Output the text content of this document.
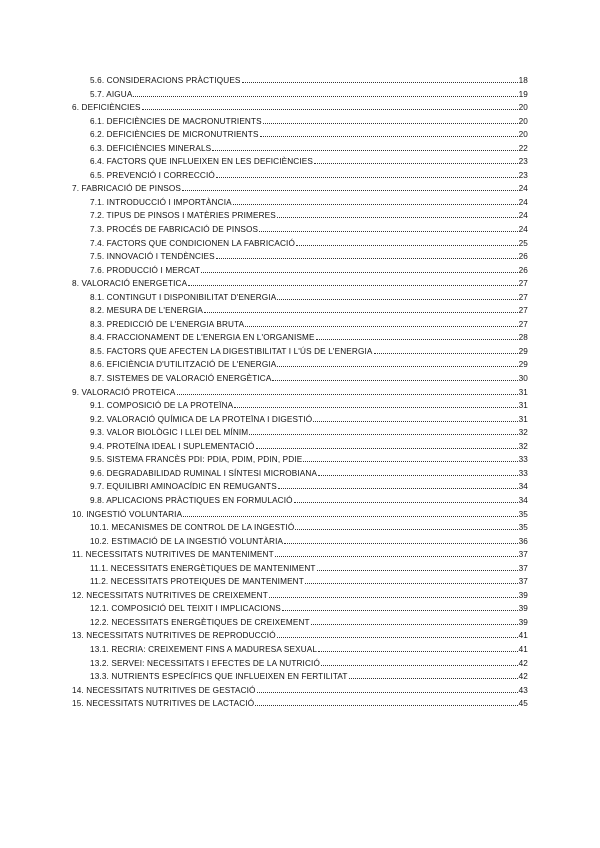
5.6. CONSIDERACIONS PRÀCTIQUES	18
5.7. AIGUA	19
6. DEFICIÈNCIES	20
6.1. DEFICIÈNCIES DE MACRONUTRIENTS	20
6.2. DEFICIÈNCIES DE MICRONUTRIENTS	20
6.3. DEFICIÈNCIES MINERALS	22
6.4. FACTORS QUE INFLUEIXEN EN LES DEFICIÈNCIES	23
6.5. PREVENCIÓ I CORRECCIÓ	23
7. FABRICACIÓ DE PINSOS	24
7.1. INTRODUCCIÓ I IMPORTÀNCIA	24
7.2. TIPUS DE PINSOS I MATÈRIES PRIMERES	24
7.3. PROCÉS DE FABRICACIÓ DE PINSOS	24
7.4. FACTORS QUE CONDICIONEN LA FABRICACIÓ	25
7.5. INNOVACIÓ I TENDÈNCIES	26
7.6. PRODUCCIÓ I MERCAT	26
8. VALORACIÓ ENERGETICA	27
8.1. CONTINGUT I DISPONIBILITAT D'ENERGIA	27
8.2. MESURA DE L'ENERGIA	27
8.3. PREDICCIÓ DE L'ENERGIA BRUTA	27
8.4. FRACCIONAMENT DE L'ENERGIA EN L'ORGANISME	28
8.5. FACTORS QUE AFECTEN LA DIGESTIBILITAT I L'ÚS DE L'ENERGIA	29
8.6. EFICIÈNCIA D'UTILITZACIÓ DE L'ENERGIA	29
8.7. SISTEMES DE VALORACIÓ ENERGÈTICA	30
9. VALORACIÓ PROTEICA	31
9.1. COMPOSICIÓ DE LA PROTEÏNA	31
9.2. VALORACIÓ QUÍMICA DE LA PROTEÏNA I DIGESTIÓ	31
9.3. VALOR BIOLÒGIC I LLEI DEL MÍNIM	32
9.4. PROTEÏNA IDEAL I SUPLEMENTACIÓ	32
9.5. SISTEMA FRANCÈS PDI: PDIA, PDIM, PDIN, PDIE	33
9.6. DEGRADABILIDAD RUMINAL I SÍNTESI MICROBIANA	33
9.7. EQUILIBRI AMINOACÍDIC EN REMUGANTS	34
9.8. APLICACIONS PRÀCTIQUES EN FORMULACIÓ	34
10. INGESTIÓ VOLUNTARIA	35
10.1. MECANISMES DE CONTROL DE LA INGESTIÓ	35
10.2. ESTIMACIÓ DE LA INGESTIÓ VOLUNTÀRIA	36
11. NECESSITATS NUTRITIVES DE MANTENIMENT	37
11.1. NECESSITATS ENERGÈTIQUES DE MANTENIMENT	37
11.2. NECESSITATS PROTEIQUES DE MANTENIMENT	37
12. NECESSITATS NUTRITIVES DE CREIXEMENT	39
12.1. COMPOSICIÓ DEL TEIXIT I IMPLICACIONS	39
12.2. NECESSITATS ENERGÈTIQUES DE CREIXEMENT	39
13. NECESSITATS NUTRITIVES DE REPRODUCCIÓ	41
13.1. RECRIA: CREIXEMENT FINS A MADURESA SEXUAL	41
13.2. SERVEI: NECESSITATS I EFECTES DE LA NUTRICIÓ	42
13.3. NUTRIENTS ESPECÍFICS QUE INFLUEIXEN EN FERTILITAT	42
14. NECESSITATS NUTRITIVES DE GESTACIÓ	43
15. NECESSITATS NUTRITIVES DE LACTACIÓ	45
